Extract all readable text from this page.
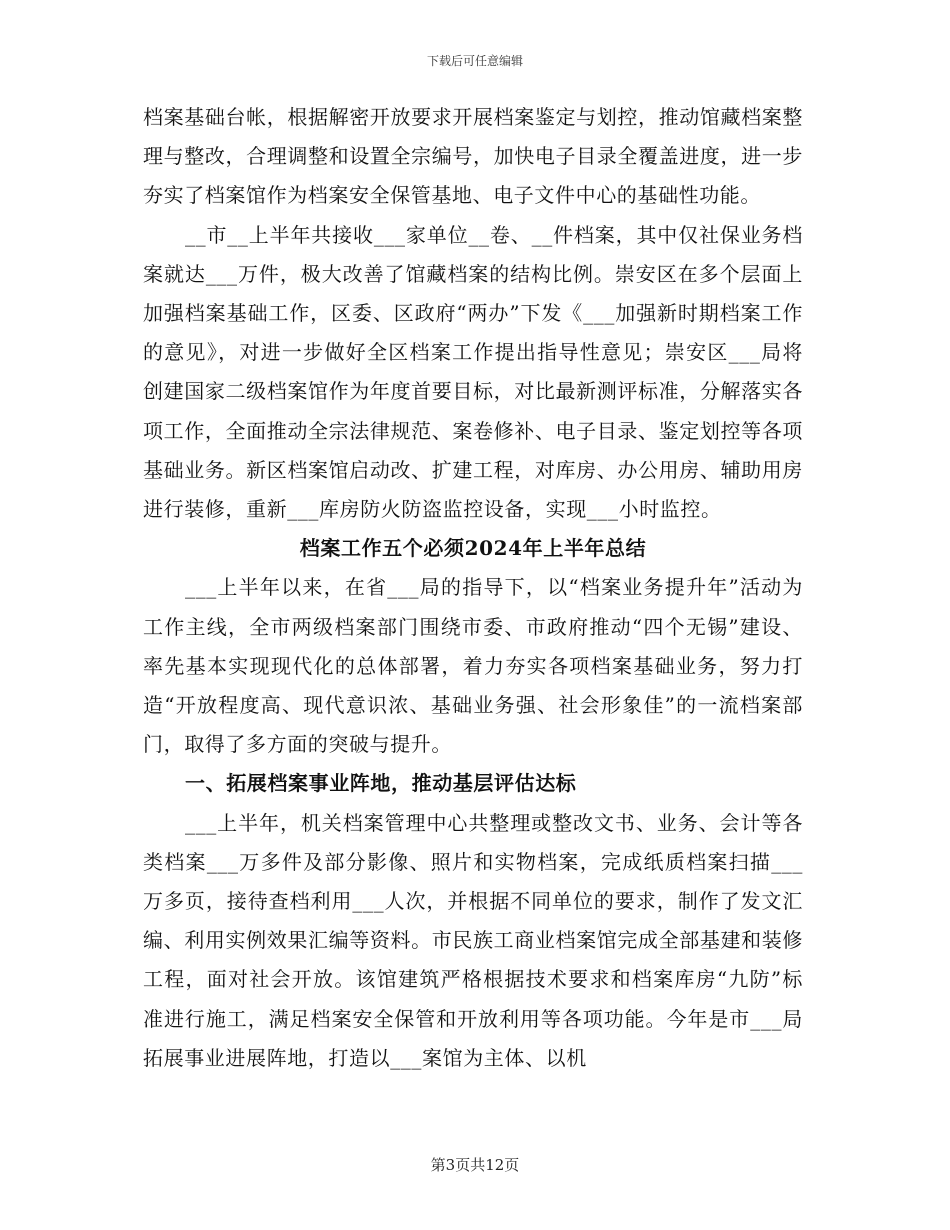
下载后可任意编辑

档案基础台帐，根据解密开放要求开展档案鉴定与划控，推动馆藏档案整理与整改，合理调整和设置全宗编号，加快电子目录全覆盖进度，进一步夯实了档案馆作为档案安全保管基地、电子文件中心的基础性功能。

__市__上半年共接收___家单位__卷、__件档案，其中仅社保业务档案就达___万件，极大改善了馆藏档案的结构比例。崇安区在多个层面上加强档案基础工作，区委、区政府“两办”下发《___加强新时期档案工作的意见》，对进一步做好全区档案工作提出指导性意见；崇安区___局将创建国家二级档案馆作为年度首要目标，对比最新测评标准，分解落实各项工作，全面推动全宗法律规范、案卷修补、电子目录、鉴定划控等各项基础业务。新区档案馆启动改、扩建工程，对库房、办公用房、辅助用房进行装修，重新___库房防火防盗监控设备，实现___小时监控。

档案工作五个必须2024年上半年总结

___上半年以来，在省___局的指导下，以“档案业务提升年”活动为工作主线，全市两级档案部门围绕市委、市政府推动“四个无锡”建设、率先基本实现现代化的总体部署，着力夯实各项档案基础业务，努力打造“开放程度高、现代意识浓、基础业务强、社会形象佳”的一流档案部门，取得了多方面的突破与提升。

一、拓展档案事业阵地，推动基层评估达标

___上半年，机关档案管理中心共整理或整改文书、业务、会计等各类档案___万多件及部分影像、照片和实物档案，完成纸质档案扫描___万多页，接待查档利用___人次，并根据不同单位的要求，制作了发文汇编、利用实例效果汇编等资料。市民族工商业档案馆完成全部基建和装修工程，面对社会开放。该馆建筑严格根据技术要求和档案库房“九防”标准进行施工，满足档案安全保管和开放利用等各项功能。今年是市___局拓展事业进展阵地，打造以___案馆为主体、以机

第3页共12页
